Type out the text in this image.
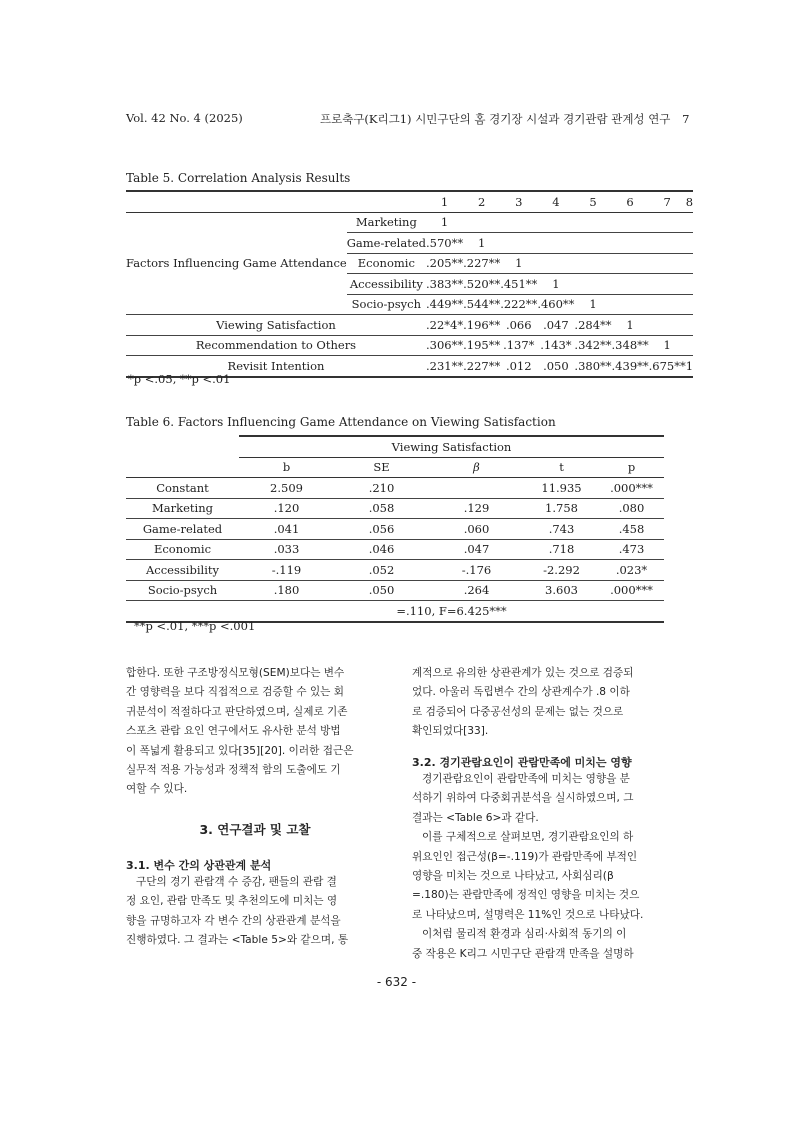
Vol. 42 No. 4 (2025)	프로축구(K리그1) 시민구단의 홈 경기장 시설과 경기관람 관계성 연구 7
Table 5. Correlation Analysis Results
		1	2	3	4	5	6	7	8
Factors Influencing Game Attendance	Marketing	1							
	Game-related	.570**	1						
	Economic	.205**	.227**	1					
	Accessibility	.383**	.520**	.451**	1				
	Socio-psych	.449**	.544**	.222**	.460**	1			
Viewing Satisfaction		.22*4*	.196**	.066	.047	.284**	1		
Recommendation to Others		.306**	.195**	.137*	.143*	.342**	.348**	1	
Revisit Intention		.231**	.227**	.012	.050	.380**	.439**	.675**	1
*p <.05, **p <.01
Table 6. Factors Influencing Game Attendance on Viewing Satisfaction
	Viewing Satisfaction				
	b	SE	β	t	p
Constant	2.509	.210		11.935	.000***
Marketing	.120	.058	.129	1.758	.080
Game-related	.041	.056	.060	.743	.458
Economic	.033	.046	.047	.718	.473
Accessibility	-.119	.052	-.176	-2.292	.023*
Socio-psych	.180	.050	.264	3.603	.000***
	=.110, F=6.425***				
**p <.01, ***p <.001
합한다. 또한 구조방정식모형(SEM)보다는 변수
간 영향력을 보다 직접적으로 검증할 수 있는 회
귀분석이 적절하다고 판단하였으며, 실제로 기존
스포츠 관람 요인 연구에서도 유사한 분석 방법
이 폭넓게 활용되고 있다[35][20]. 이러한 접근은
실무적 적용 가능성과 정책적 함의 도출에도 기
여할 수 있다.
3. 연구결과 및 고찰
3.1. 변수 간의 상관관계 분석
구단의 경기 관람객 수 증감, 팬들의 관람 결
정 요인, 관람 만족도 및 추천의도에 미치는 영
향을 규명하고자 각 변수 간의 상관관계 분석을
진행하였다. 그 결과는 <Table 5>와 같으며, 통
계적으로 유의한 상관관계가 있는 것으로 검증되
었다. 아울러 독립변수 간의 상관계수가 .8 이하
로 검증되어 다중공선성의 문제는 없는 것으로
확인되었다[33].
3.2. 경기관람요인이 관람만족에 미치는 영향
경기관람요인이 관람만족에 미치는 영향을 분
석하기 위하여 다중회귀분석을 실시하였으며, 그
결과는 <Table 6>과 같다.
이를 구체적으로 살펴보면, 경기관람요인의 하
위요인인 접근성(β=-.119)가 관람만족에 부적인
영향을 미치는 것으로 나타났고, 사회심리(β
=.180)는 관람만족에 정적인 영향을 미치는 것으
로 나타났으며, 설명력은 11%인 것으로 나타났다.
이처럼 물리적 환경과 심리·사회적 동기의 이
중 작용은 K리그 시민구단 관람객 만족을 설명하
- 632 -
